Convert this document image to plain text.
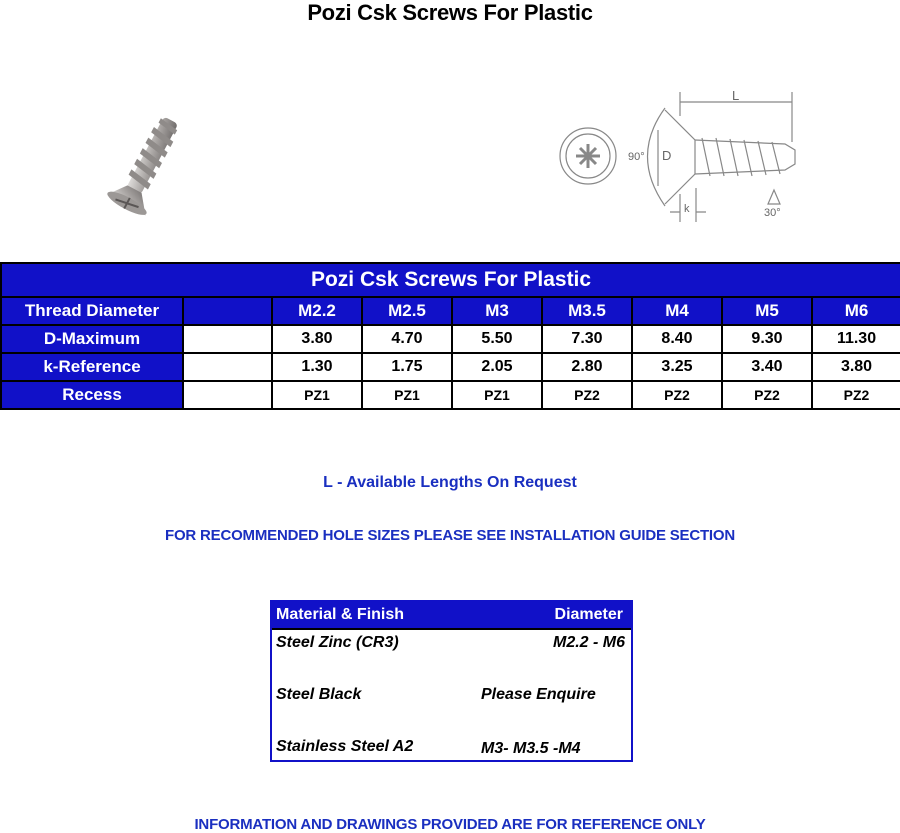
Pozi Csk Screws For Plastic
L
D
k
90°
30°
Pozi Csk Screws For Plastic								
Thread Diameter		M2.2	M2.5	M3	M3.5	M4	M5	M6
D-Maximum		3.80	4.70	5.50	7.30	8.40	9.30	11.30
k-Reference		1.30	1.75	2.05	2.80	3.25	3.40	3.80
Recess		PZ1	PZ1	PZ1	PZ2	PZ2	PZ2	PZ2
L - Available Lengths On Request
FOR RECOMMENDED HOLE SIZES PLEASE SEE INSTALLATION GUIDE SECTION
Material & Finish	Diameter
Steel Zinc (CR3)	M2.2 - M6
Steel Black	Please Enquire
Stainless Steel A2	M3- M3.5 -M4
INFORMATION AND DRAWINGS PROVIDED ARE FOR REFERENCE ONLY
